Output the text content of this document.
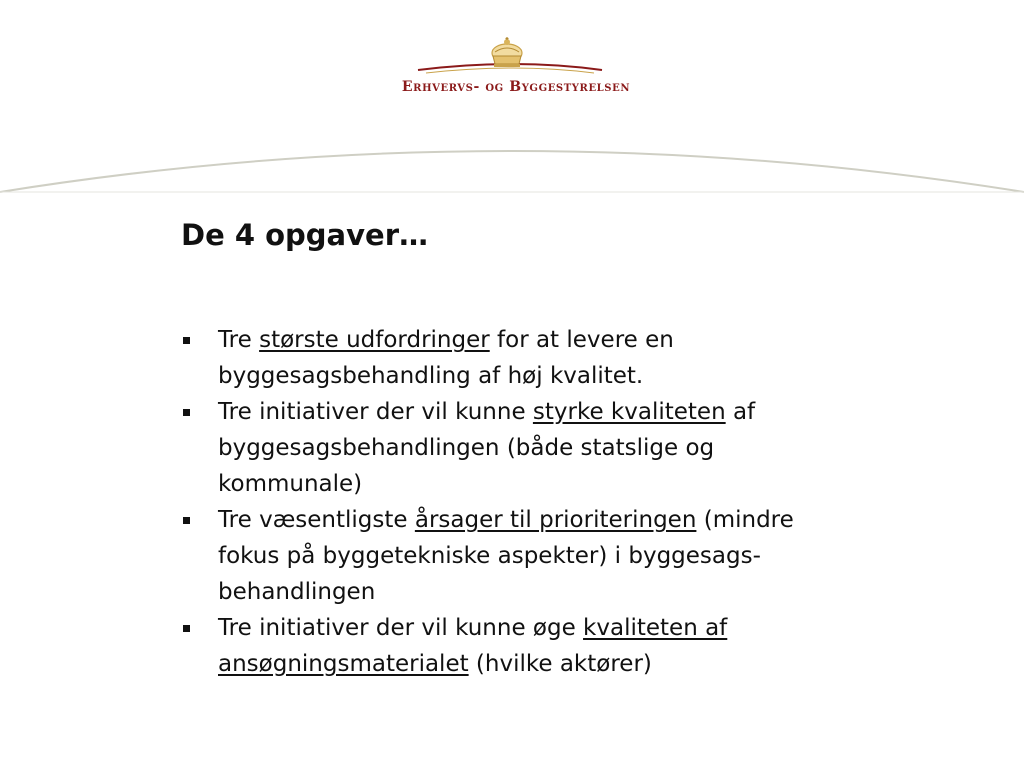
Erhvervs- og Byggestyrelsen
De 4 opgaver…
Tre største udfordringer for at levere en byggesagsbehandling af høj kvalitet.
Tre initiativer der vil kunne styrke kvaliteten af byggesagsbehandlingen (både statslige og kommunale)
Tre væsentligste årsager til prioriteringen (mindre fokus på byggetekniske aspekter) i byggesags-behandlingen
Tre initiativer der vil kunne øge kvaliteten af ansøgningsmaterialet (hvilke aktører)
